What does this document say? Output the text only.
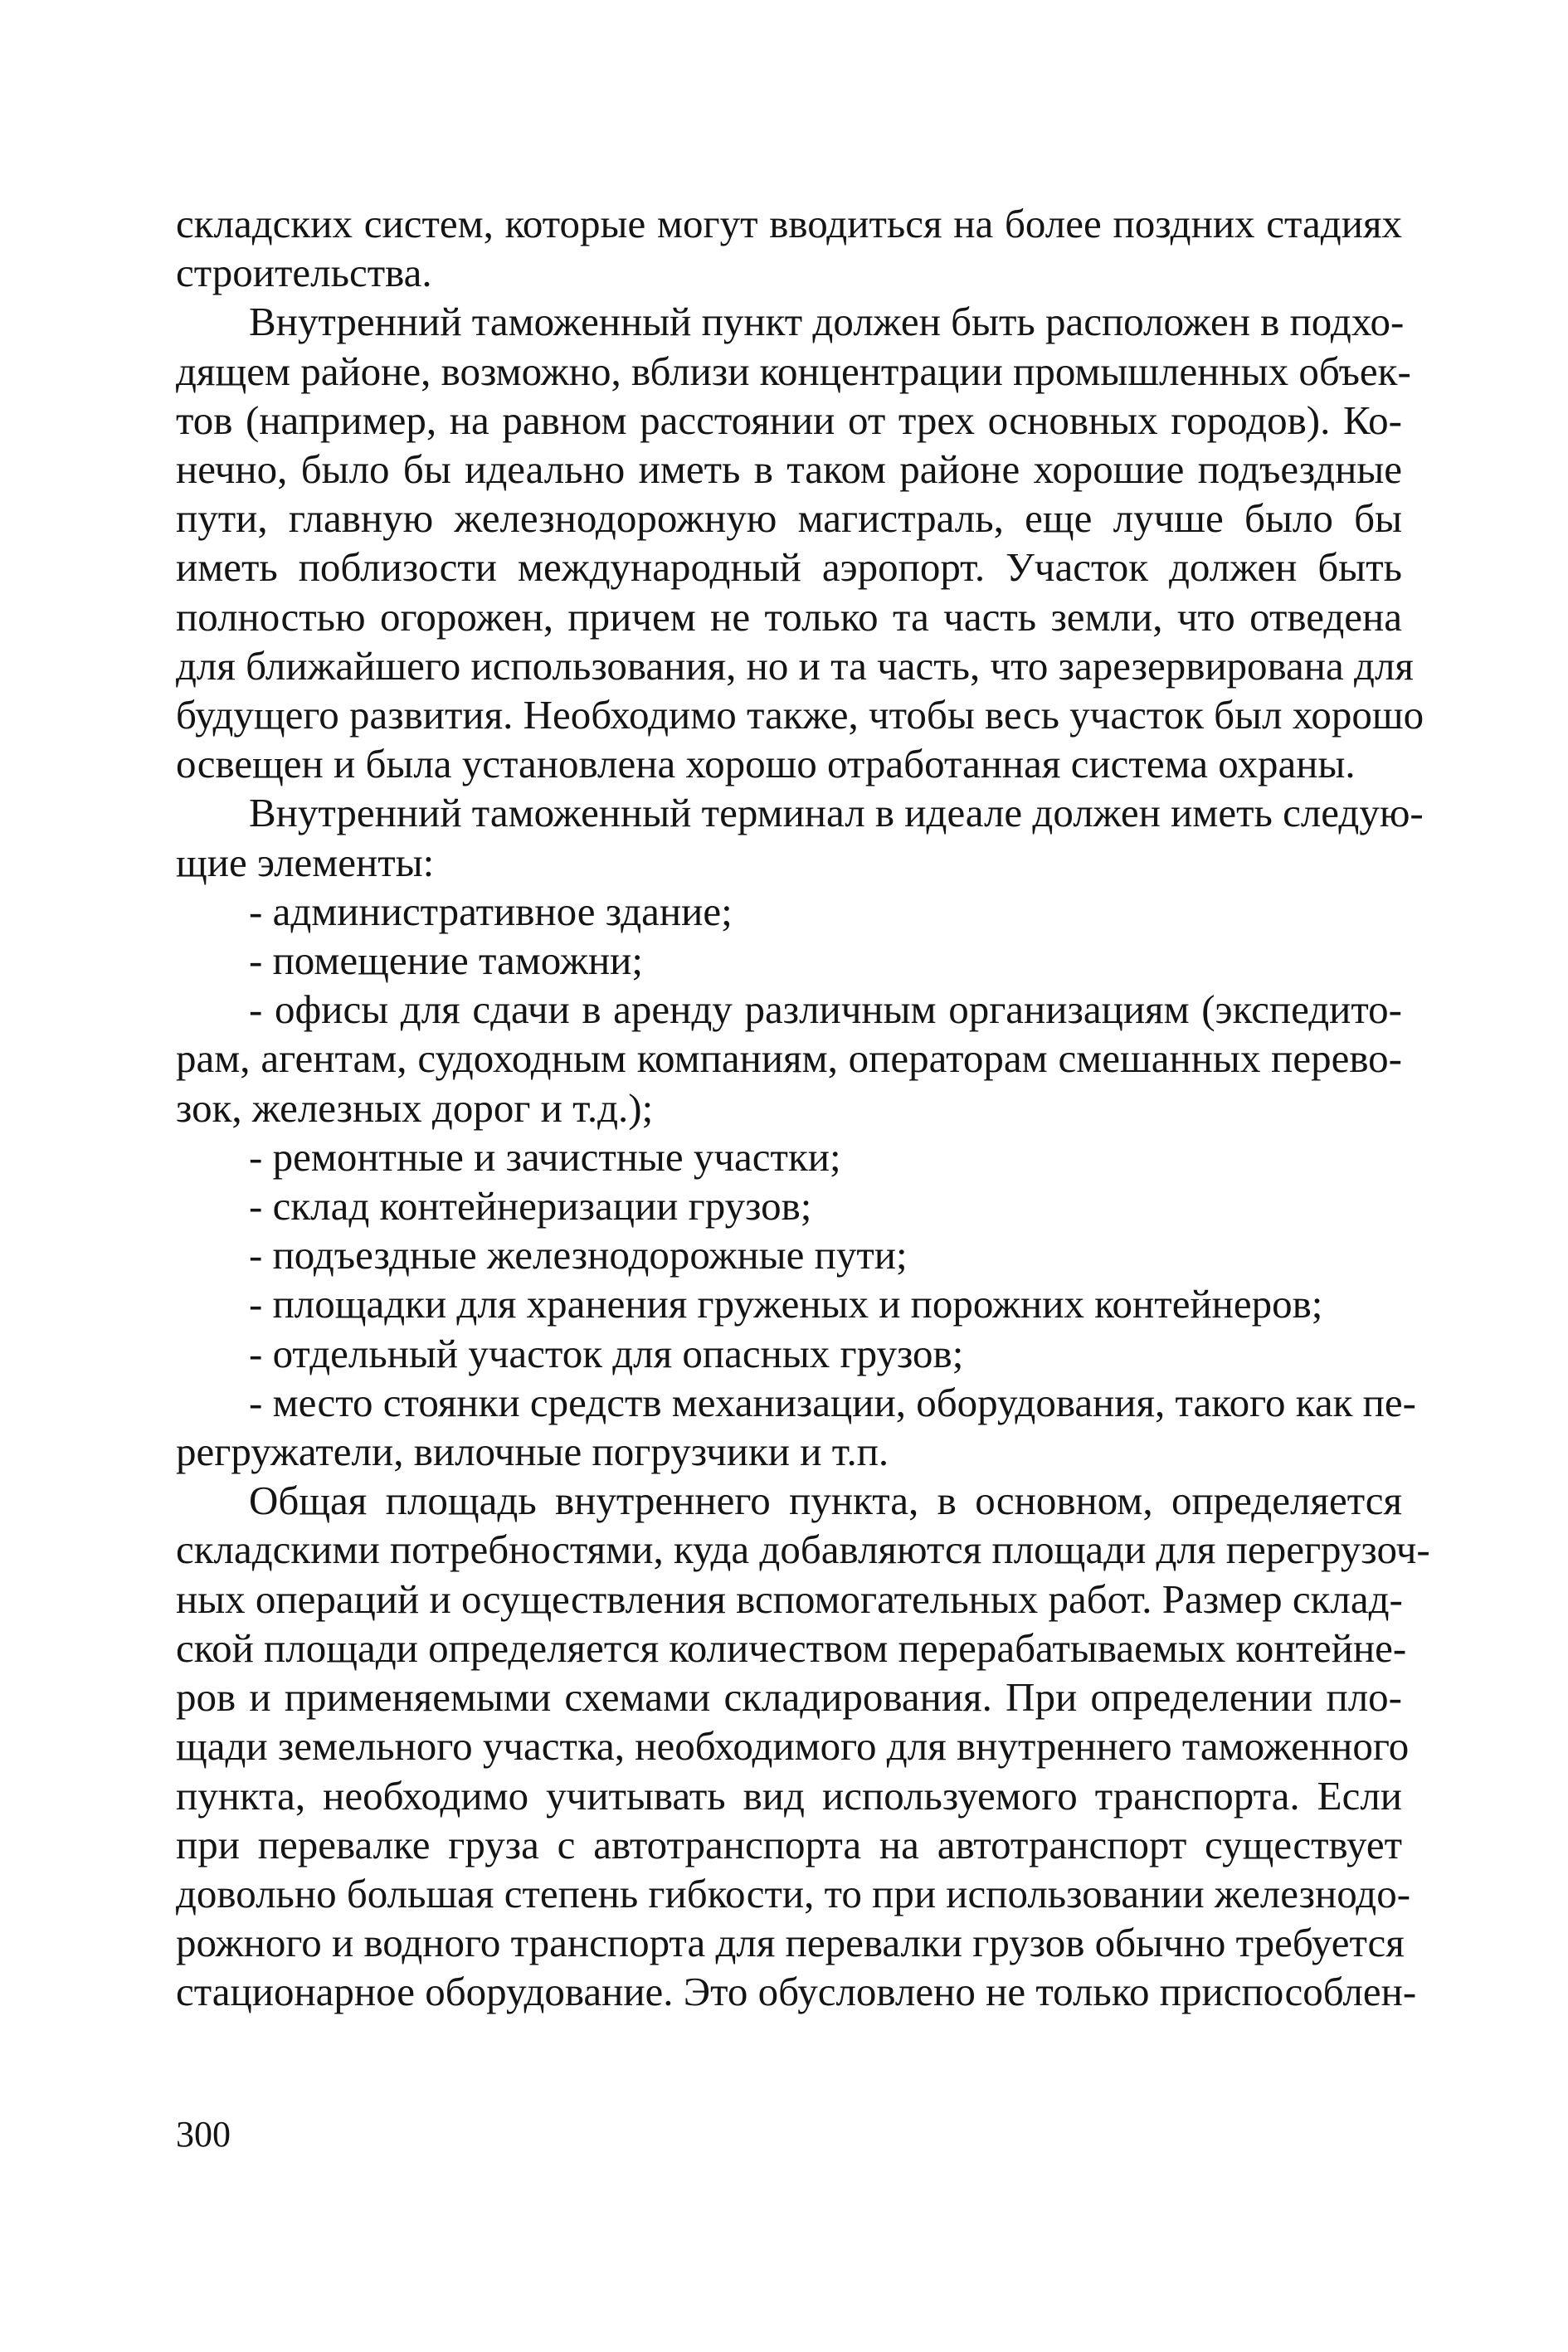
складских систем, которые могут вводиться на более поздних стадиях
строительства.
Внутренний таможенный пункт должен быть расположен в подхо-
дящем районе, возможно, вблизи концентрации промышленных объек-
тов (например, на равном расстоянии от трех основных городов). Ко-
нечно, было бы идеально иметь в таком районе хорошие подъездные
пути, главную железнодорожную магистраль, еще лучше было бы
иметь поблизости международный аэропорт. Участок должен быть
полностью огорожен, причем не только та часть земли, что отведена
для ближайшего использования, но и та часть, что зарезервирована для
будущего развития. Необходимо также, чтобы весь участок был хорошо
освещен и была установлена хорошо отработанная система охраны.
Внутренний таможенный терминал в идеале должен иметь следую-
щие элементы:
- административное здание;
- помещение таможни;
- офисы для сдачи в аренду различным организациям (экспедито-
рам, агентам, судоходным компаниям, операторам смешанных перево-
зок, железных дорог и т.д.);
- ремонтные и зачистные участки;
- склад контейнеризации грузов;
- подъездные железнодорожные пути;
- площадки для хранения груженых и порожних контейнеров;
- отдельный участок для опасных грузов;
- место стоянки средств механизации, оборудования, такого как пе-
регружатели, вилочные погрузчики и т.п.
Общая площадь внутреннего пункта, в основном, определяется
складскими потребностями, куда добавляются площади для перегрузоч-
ных операций и осуществления вспомогательных работ. Размер склад-
ской площади определяется количеством перерабатываемых контейне-
ров и применяемыми схемами складирования. При определении пло-
щади земельного участка, необходимого для внутреннего таможенного
пункта, необходимо учитывать вид используемого транспорта. Если
при перевалке груза с автотранспорта на автотранспорт существует
довольно большая степень гибкости, то при использовании железнодо-
рожного и водного транспорта для перевалки грузов обычно требуется
стационарное оборудование. Это обусловлено не только приспособлен-
300
